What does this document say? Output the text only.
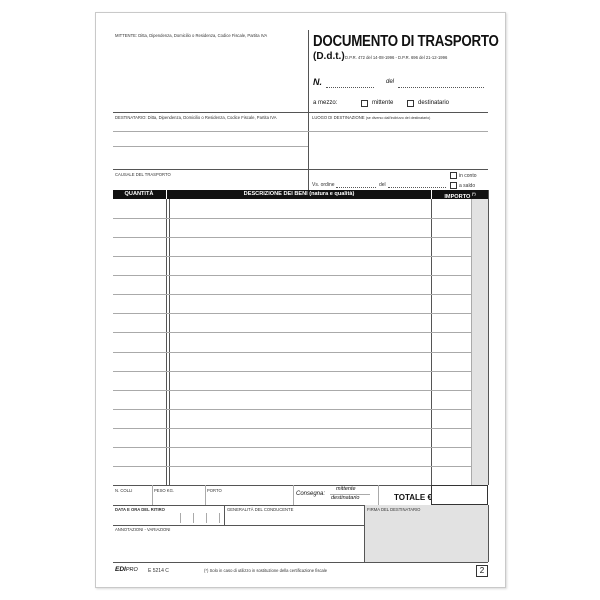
MITTENTE: Ditta, Dipendenza, Domicilio o Residenza, Codice Fiscale, Partita IVA	DOCUMENTO DI TRASPORTO
(D.d.t.) D.P.R. 472 del 14-08-1996 - D.P.R. 696 del 21-12-1996
N.	del
a mezzo:	mittente	destinatario
DESTINATARIO: Ditta, Dipendenza, Domicilio o Residenza, Codice Fiscale, Partita IVA	LUOGO DI DESTINAZIONE (se diverso dall'indirizzo del destinatario)
CAUSALE DEL TRASPORTO	in conto
Vs. ordine	del	a saldo
QUANTITÀ	DESCRIZIONE DEI BENI (natura e qualità)	IMPORTO (*)
N. COLLI	PESO KG.	PORTO
Consegna:
mittente
destinatario	TOTALE €
DATA E ORA DEL RITIRO	GENERALITÀ DEL CONDUCENTE	FIRMA DEL DESTINATARIO
ANNOTAZIONI - VARIAZIONI
EDIPRO E 5214 C	(*) Solo in caso di utilizzo in sostituzione della certificazione fiscale	2
